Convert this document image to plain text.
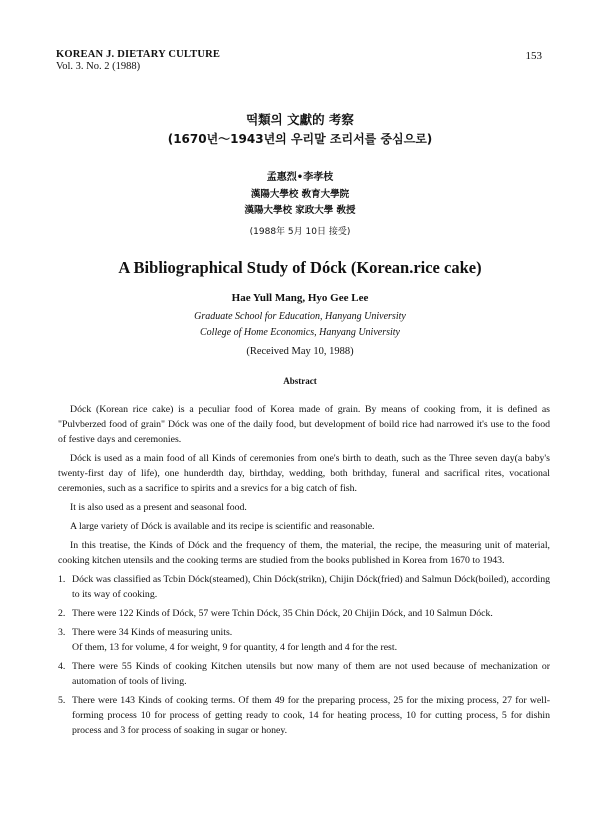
KOREAN J. DIETARY CULTURE
Vol. 3. No. 2 (1988)
153
떡類의 文獻的 考察
(1670년～1943년의 우리말 조리서를 중심으로)
孟惠烈•李孝枝
漢陽大學校 敎育大學院
漢陽大學校 家政大學 敎授
(1988年 5月 10日 接受)
A Bibliographical Study of Dóck (Korean.rice cake)
Hae Yull Mang, Hyo Gee Lee
Graduate School for Education, Hanyang University
College of Home Economics, Hanyang University
(Received May 10, 1988)
Abstract

Dóck (Korean rice cake) is a peculiar food of Korea made of grain. By means of cooking from, it is defined as "Pulvberzed food of grain" Dóck was one of the daily food, but development of boild rice had narrowed it's use to the food of festive days and ceremonies.

Dóck is used as a main food of all Kinds of ceremonies from one's birth to death, such as the Three seven day(a baby's twenty-first day of life), one hunderdth day, birthday, wedding, both brithday, funeral and sacrifical rites, vocational ceremonies, such as a sacrifice to spirits and a srevics for a big catch of fish.

It is also used as a present and seasonal food.

A large variety of Dóck is available and its recipe is scientific and reasonable.

In this treatise, the Kinds of Dóck and the frequency of them, the material, the recipe, the measuring unit of material, cooking kitchen utensils and the cooking terms are studied from the books published in Korea from 1670 to 1943.

1. Dóck was classified as Tcbin Dóck(steamed), Chin Dóck(strikn), Chijin Dóck(fried) and Salmun Dóck(boiled), according to its way of cooking.
2. There were 122 Kinds of Dóck, 57 were Tchin Dóck, 35 Chin Dóck, 20 Chijin Dóck, and 10 Salmun Dóck.
3. There were 34 Kinds of measuring units.
Of them, 13 for volume, 4 for weight, 9 for quantity, 4 for length and 4 for the rest.
4. There were 55 Kinds of cooking Kitchen utensils but now many of them are not used because of mechanization or automation of tools of living.
5. There were 143 Kinds of cooking terms. Of them 49 for the preparing process, 25 for the mixing process, 27 for well-forming process 10 for process of getting ready to cook, 14 for heating process, 10 for cutting process, 5 for dishin process and 3 for process of soaking in sugar or honey.
